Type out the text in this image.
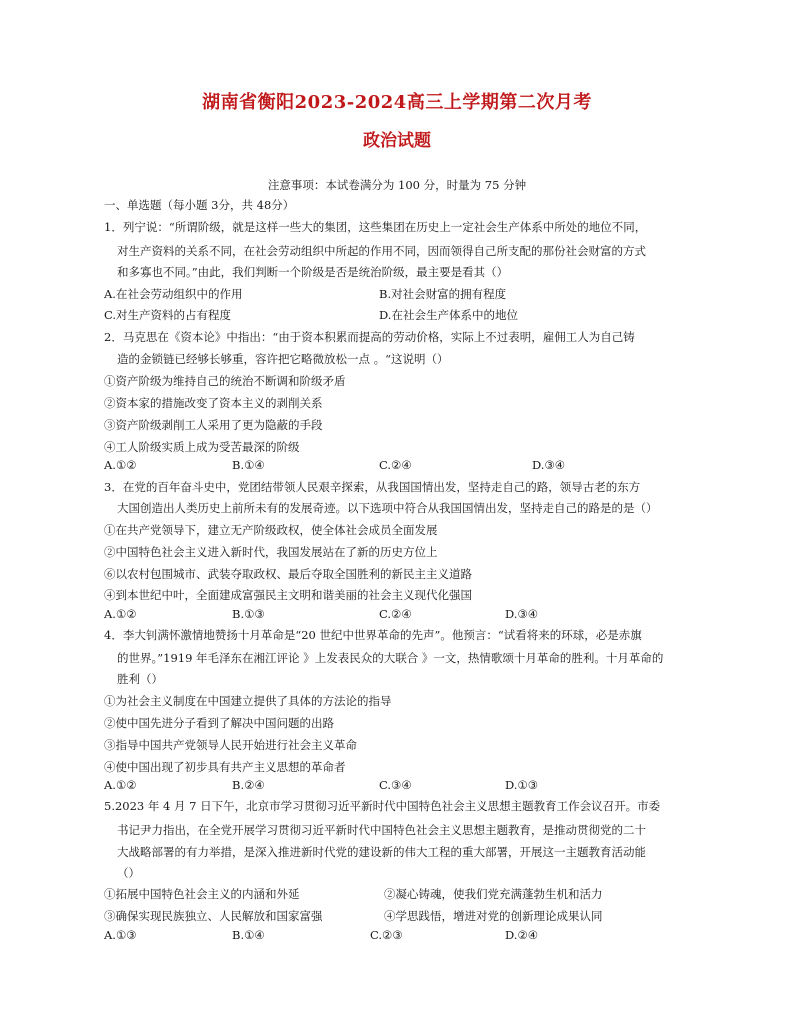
湖南省衡阳2023-2024高三上学期第二次月考
政治试题
注意事项：本试卷满分为 100 分，时量为 75 分钟
一、单选题（每小题 3分，共 48分）
1．列宁说：“所谓阶级，就是这样一些大的集团，这些集团在历史上一定社会生产体系中所处的地位不同，
对生产资料的关系不同，在社会劳动组织中所起的作用不同，因而领得自己所支配的那份社会财富的方式
和多寡也不同。”由此，我们判断一个阶级是否是统治阶级，最主要是看其（）
A.在社会劳动组织中的作用	B.对社会财富的拥有程度
C.对生产资料的占有程度	D.在社会生产体系中的地位
2．马克思在《资本论》中指出：“由于资本积累而提高的劳动价格，实际上不过表明，雇佣工人为自己铸
造的金锁链已经够长够重，容许把它略微放松一点 。“这说明（）
①资产阶级为维持自己的统治不断调和阶级矛盾
②资本家的措施改变了资本主义的剥削关系
③资产阶级剥削工人采用了更为隐蔽的手段
④工人阶级实质上成为受苦最深的阶级
A.①②	B.①④	C.②④	D.③④
3．在党的百年奋斗史中，党团结带领人民艰辛探索，从我国国情出发，坚持走自己的路，领导古老的东方
大国创造出人类历史上前所未有的发展奇迹。以下选项中符合从我国国情出发，坚持走自己的路是的是（）
①在共产党领导下，建立无产阶级政权，使全体社会成员全面发展
②中国特色社会主义进入新时代，我国发展站在了新的历史方位上
⑥以农村包围城市、武装夺取政权、最后夺取全国胜利的新民主主义道路
④到本世纪中叶，全面建成富强民主文明和谐美丽的社会主义现代化强国
A.①②	B.①③	C.②④	D.③④
4．李大钊满怀激情地赞扬十月革命是“20 世纪中世界革命的先声”。他预言：“试看将来的环球，必是赤旗
的世界。”1919 年毛泽东在湘江评论 》上发表民众的大联合 》一文，热情歌颂十月革命的胜利。十月革命的
胜利（）
①为社会主义制度在中国建立提供了具体的方法论的指导
②使中国先进分子看到了解决中国问题的出路
③指导中国共产党领导人民开始进行社会主义革命
④使中国出现了初步具有共产主义思想的革命者
A.①②	B.②④	C.③④	D.①③
5.2023 年 4 月 7 日下午，北京市学习贯彻习近平新时代中国特色社会主义思想主题教育工作会议召开。市委
书记尹力指出，在全党开展学习贯彻习近平新时代中国特色社会主义思想主题教育，是推动贯彻党的二十
大战略部署的有力举措，是深入推进新时代党的建设新的伟大工程的重大部署，开展这一主题教育活动能
（）
①拓展中国特色社会主义的内涵和外延	②凝心铸魂，使我们党充满蓬勃生机和活力
③确保实现民族独立、人民解放和国家富强	④学思践悟，增进对党的创新理论成果认同
A.①③	B.①④	C.②③	D.②④
